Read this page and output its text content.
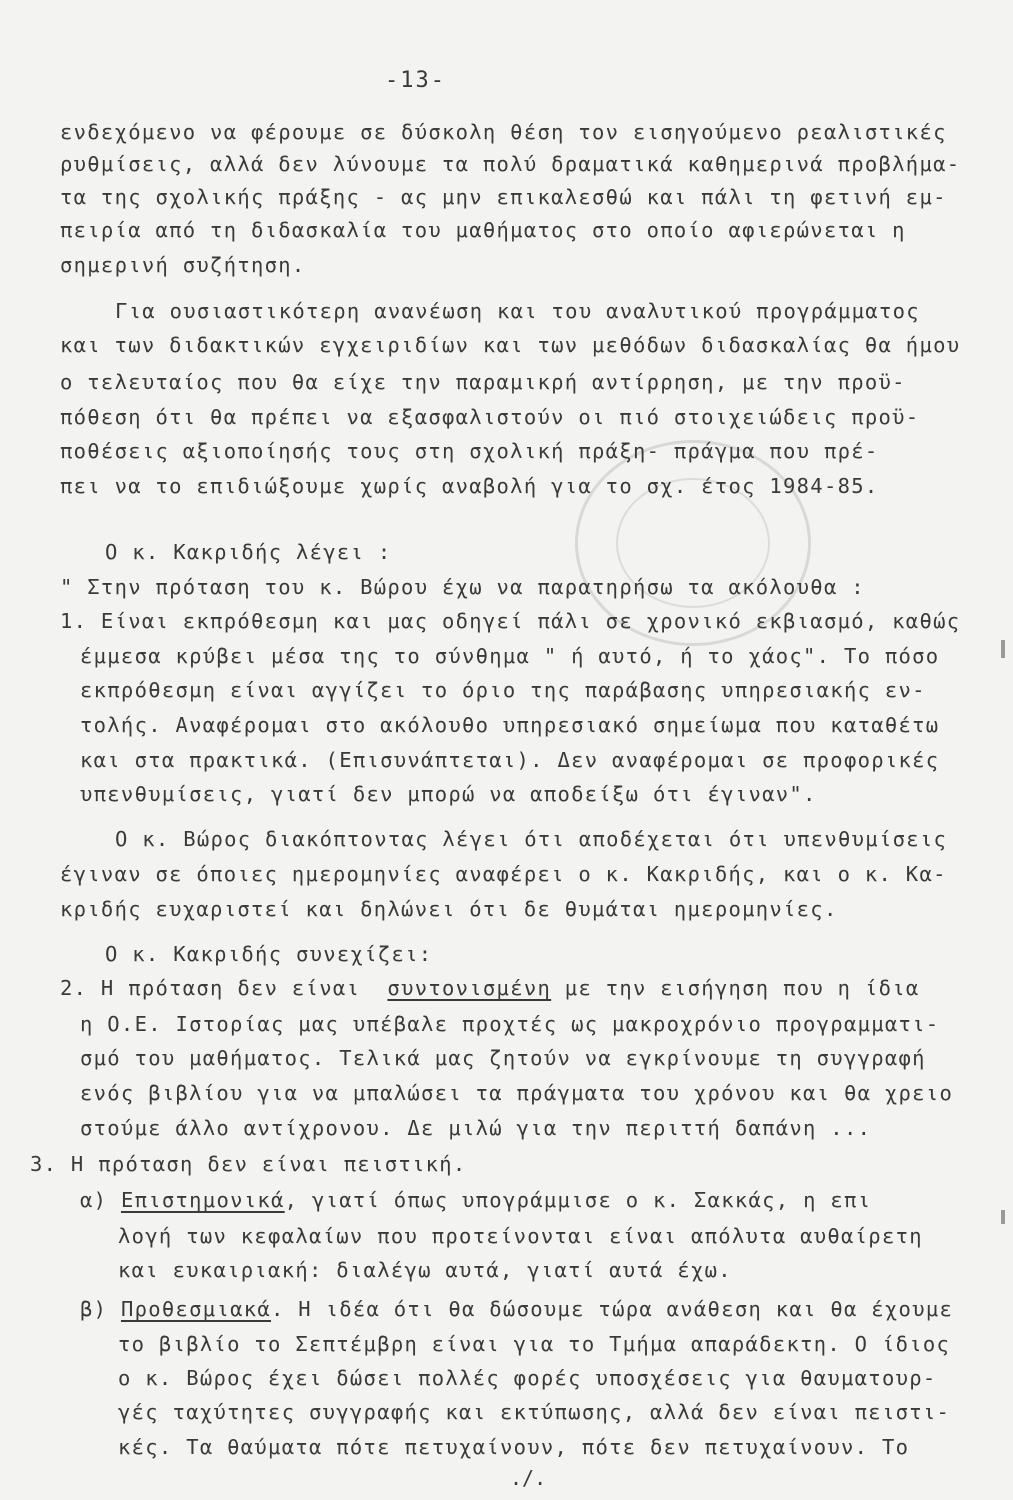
-13-
ενδεχόμενο να φέρουμε σε δύσκολη θέση τον εισηγούμενο ρεαλιστικές
ρυθμίσεις, αλλά δεν λύνουμε τα πολύ δραματικά καθημερινά προβλήμα-
τα της σχολικής πράξης - ας μην επικαλεσθώ και πάλι τη φετινή εμ-
πειρία από τη διδασκαλία του μαθήματος στο οποίο αφιερώνεται η
σημερινή συζήτηση.
Για ουσιαστικότερη ανανέωση και του αναλυτικού προγράμματος
και των διδακτικών εγχειριδίων και των μεθόδων διδασκαλίας θα ήμου
ο τελευταίος που θα είχε την παραμικρή αντίρρηση, με την προϋ-
πόθεση ότι θα πρέπει να εξασφαλιστούν οι πιό στοιχειώδεις προϋ-
ποθέσεις αξιοποίησής τους στη σχολική πράξη- πράγμα που πρέ-
πει να το επιδιώξουμε χωρίς αναβολή για το σχ. έτος 1984-85.
Ο κ. Κακριδής λέγει :
" Στην πρόταση του κ. Βώρου έχω να παρατηρήσω τα ακόλουθα :
1. Είναι εκπρόθεσμη και μας οδηγεί πάλι σε χρονικό εκβιασμό, καθώς
έμμεσα κρύβει μέσα της το σύνθημα " ή αυτό, ή το χάος". Το πόσο
εκπρόθεσμη είναι αγγίζει το όριο της παράβασης υπηρεσιακής εν-
τολής. Αναφέρομαι στο ακόλουθο υπηρεσιακό σημείωμα που καταθέτω
και στα πρακτικά. (Επισυνάπτεται). Δεν αναφέρομαι σε προφορικές
υπενθυμίσεις, γιατί δεν μπορώ να αποδείξω ότι έγιναν".
Ο κ. Βώρος διακόπτοντας λέγει ότι αποδέχεται ότι υπενθυμίσεις
έγιναν σε όποιες ημερομηνίες αναφέρει ο κ. Κακριδής, και ο κ. Κα-
κριδής ευχαριστεί και δηλώνει ότι δε θυμάται ημερομηνίες.
Ο κ. Κακριδής συνεχίζει:
2. Η πρόταση δεν είναι συντονισμένη με την εισήγηση που η ίδια
η Ο.Ε. Ιστορίας μας υπέβαλε προχτές ως μακροχρόνιο προγραμματι-
σμό του μαθήματος. Τελικά μας ζητούν να εγκρίνουμε τη συγγραφή
ενός βιβλίου για να μπαλώσει τα πράγματα του χρόνου και θα χρειο
στούμε άλλο αντίχρονου. Δε μιλώ για την περιττή δαπάνη ...
3. Η πρόταση δεν είναι πειστική.
α) Επιστημονικά, γιατί όπως υπογράμμισε ο κ. Σακκάς, η επι
λογή των κεφαλαίων που προτείνονται είναι απόλυτα αυθαίρετη
και ευκαιριακή: διαλέγω αυτά, γιατί αυτά έχω.
β) Προθεσμιακά. Η ιδέα ότι θα δώσουμε τώρα ανάθεση και θα έχουμε
το βιβλίο το Σεπτέμβρη είναι για το Τμήμα απαράδεκτη. Ο ίδιος
ο κ. Βώρος έχει δώσει πολλές φορές υποσχέσεις για θαυματουρ-
γές ταχύτητες συγγραφής και εκτύπωσης, αλλά δεν είναι πειστι-
κές. Τα θαύματα πότε πετυχαίνουν, πότε δεν πετυχαίνουν. Το
./.
